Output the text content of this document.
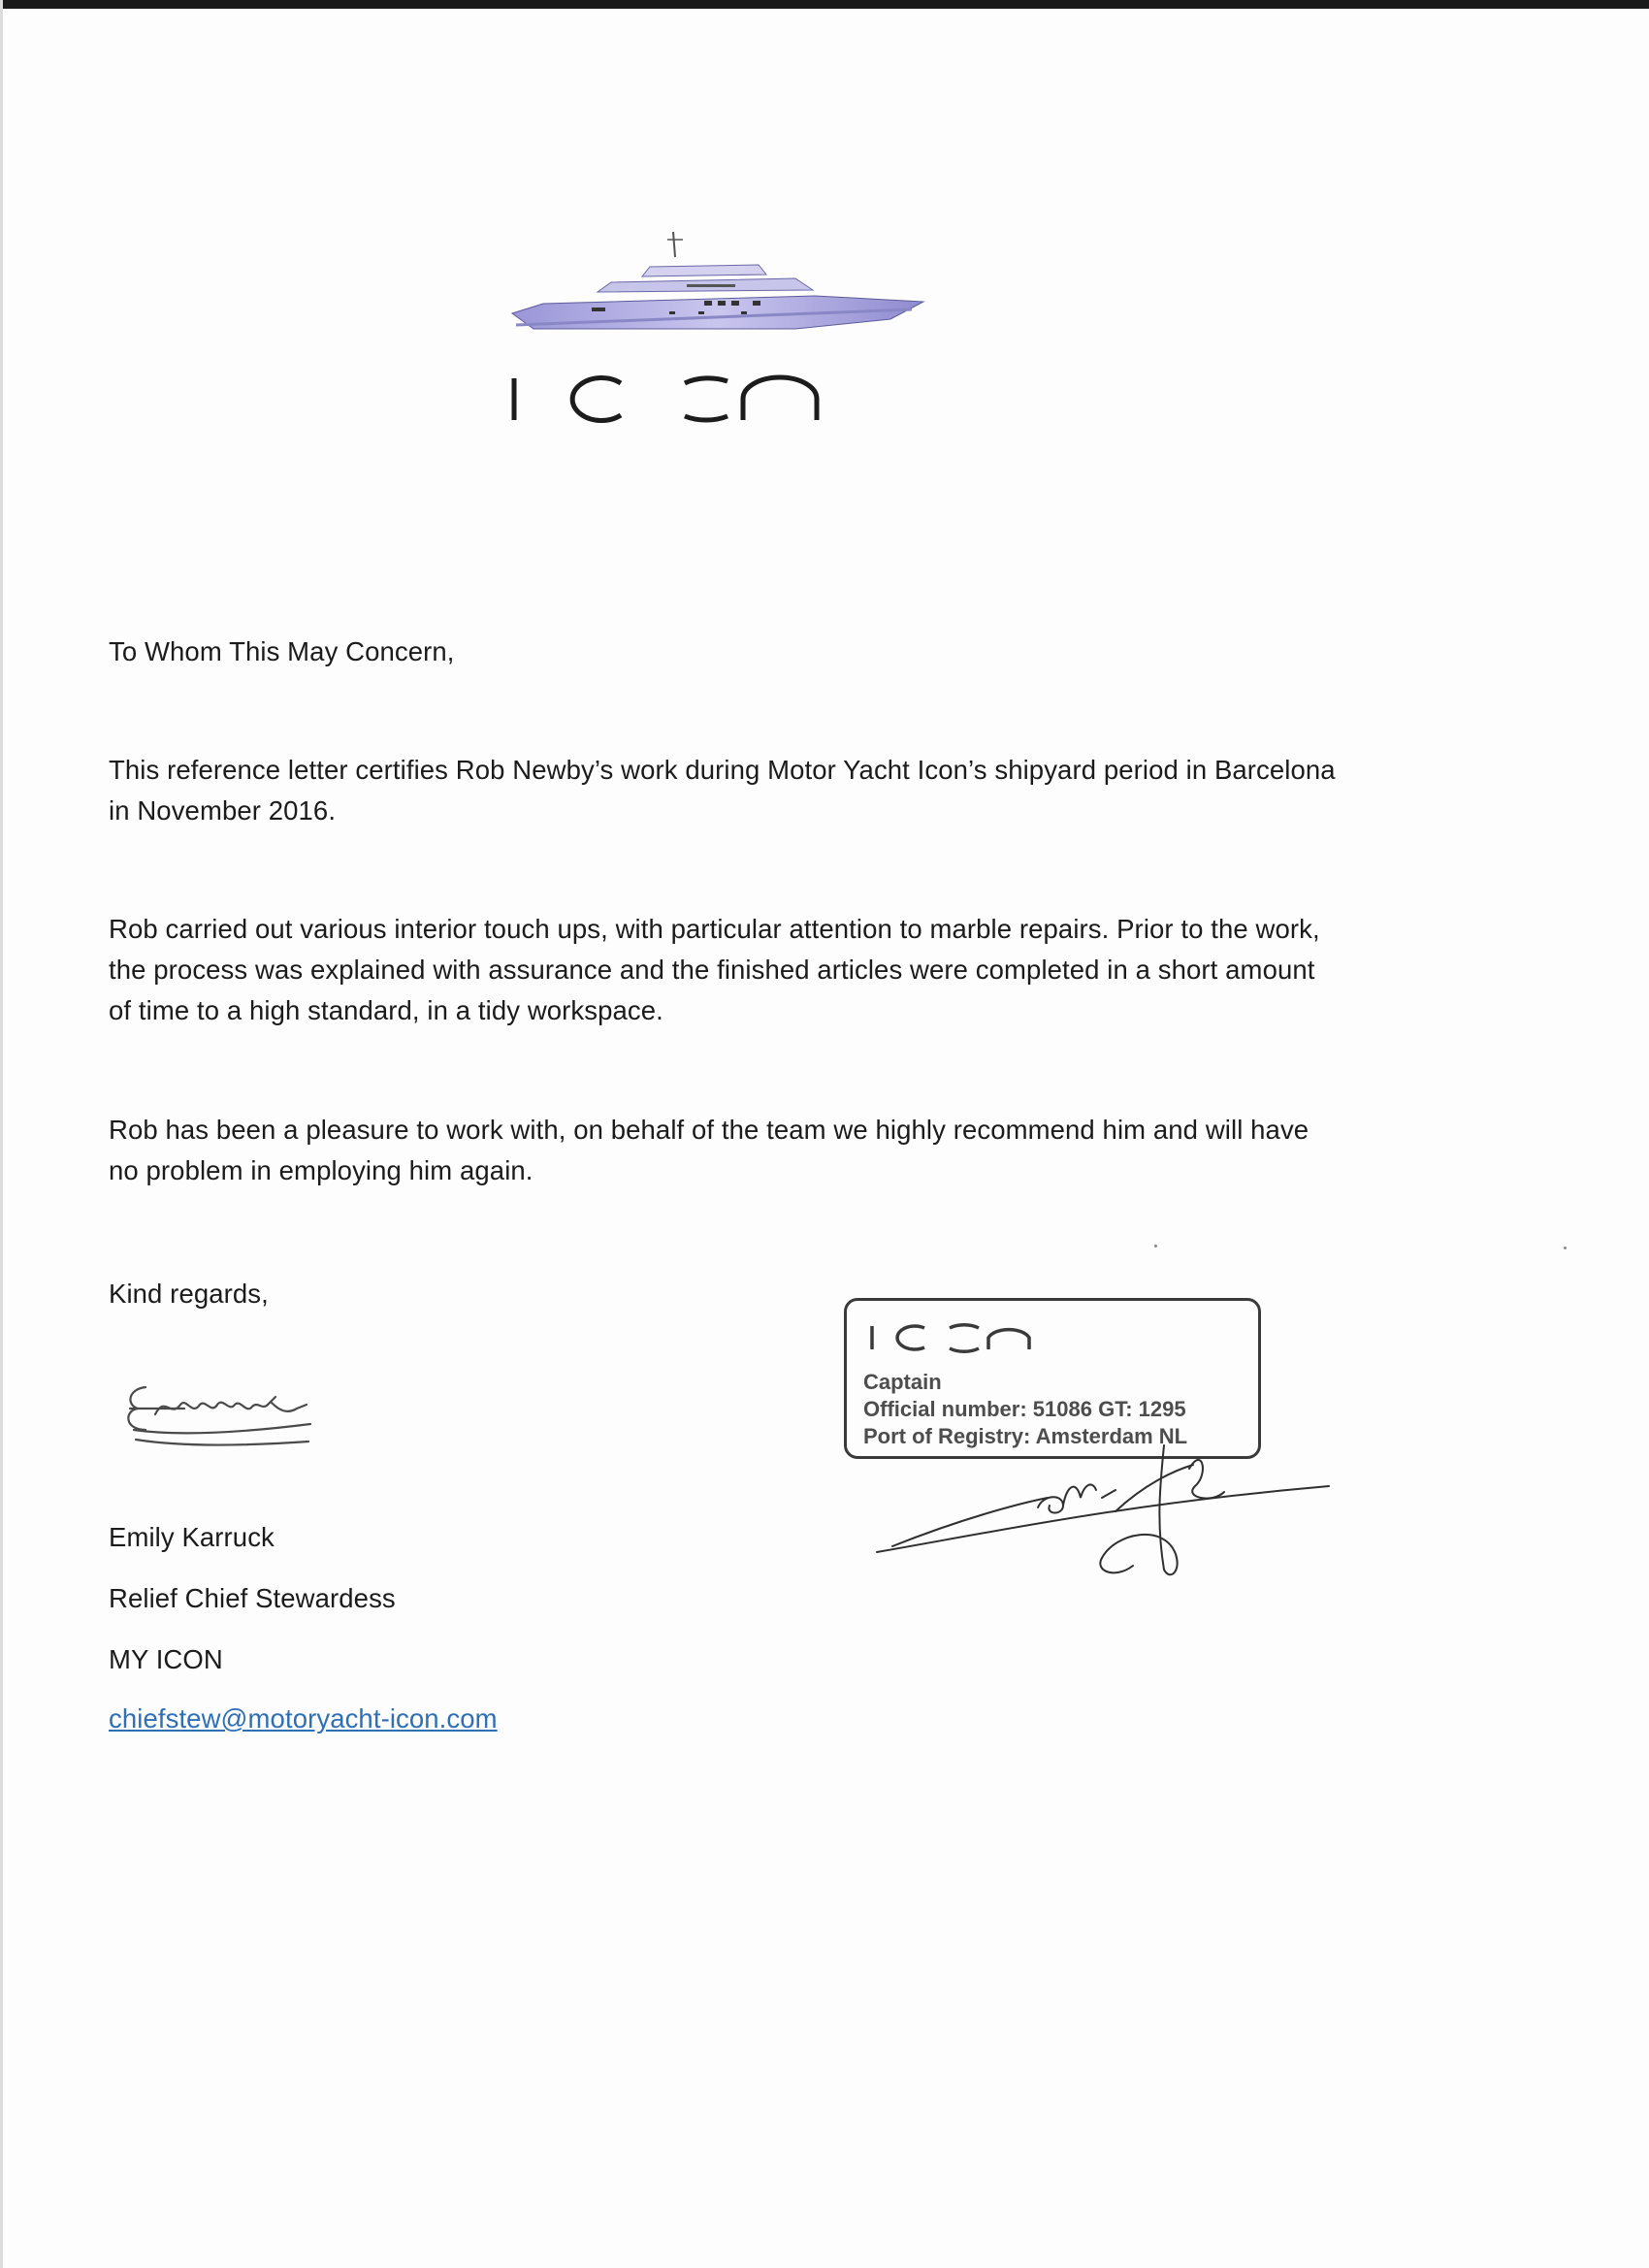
To Whom This May Concern,

This reference letter certifies Rob Newby’s work during Motor Yacht Icon’s shipyard period in Barcelona in November 2016.

Rob carried out various interior touch ups, with particular attention to marble repairs. Prior to the work, the process was explained with assurance and the finished articles were completed in a short amount of time to a high standard, in a tidy workspace.

Rob has been a pleasure to work with, on behalf of the team we highly recommend him and will have no problem in employing him again.

Kind regards,

Emily Karruck

Relief Chief Stewardess

MY ICON

chiefstew@motoryacht-icon.com

Captain

Official number: 51086 GT: 1295

Port of Registry: Amsterdam NL
